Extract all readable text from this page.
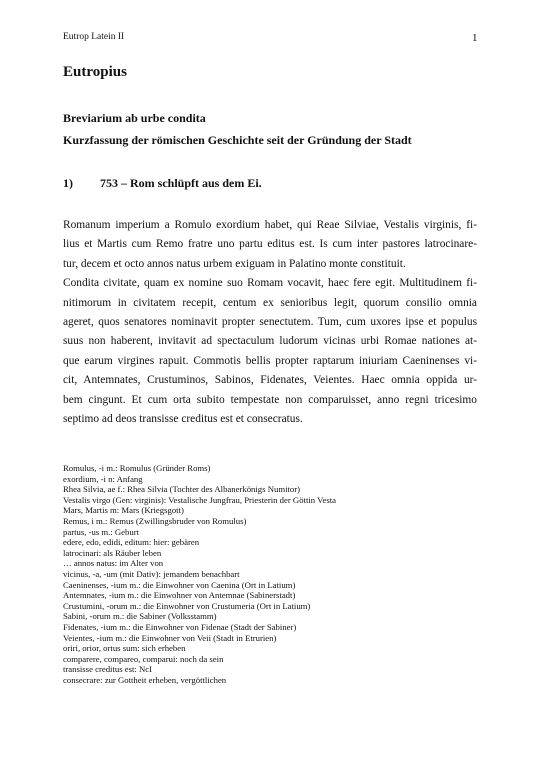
Eutrop Latein II	1
Eutropius
Breviarium ab urbe condita
Kurzfassung der römischen Geschichte seit der Gründung der Stadt
1) 753 – Rom schlüpft aus dem Ei.
Romanum imperium a Romulo exordium habet, qui Reae Silviae, Vestalis virginis, fi-
lius et Martis cum Remo fratre uno partu editus est. Is cum inter pastores latrocinare-
tur, decem et octo annos natus urbem exiguam in Palatino monte constituit.
Condita civitate, quam ex nomine suo Romam vocavit, haec fere egit. Multitudinem fi-
nitimorum in civitatem recepit, centum ex senioribus legit, quorum consilio omnia
ageret, quos senatores nominavit propter senectutem. Tum, cum uxores ipse et populus
suus non haberent, invitavit ad spectaculum ludorum vicinas urbi Romae nationes at-
que earum virgines rapuit. Commotis bellis propter raptarum iniuriam Caeninenses vi-
cit, Antemnates, Crustuminos, Sabinos, Fidenates, Veientes. Haec omnia oppida ur-
bem cingunt. Et cum orta subito tempestate non comparuisset, anno regni tricesimo
septimo ad deos transisse creditus est et consecratus.
Romulus, -i m.: Romulus (Gründer Roms)
exordium, -i n: Anfang
Rhea Silvia, ae f.: Rhea Silvia (Tochter des Albanerkönigs Numitor)
Vestalis virgo (Gen: virginis): Vestalische Jungfrau, Priesterin der Göttin Vesta
Mars, Martis m: Mars (Kriegsgott)
Remus, i m.: Remus (Zwillingsbruder von Romulus)
partus, -us m.: Geburt
edere, edo, edidi, editum: hier: gebären
latrocinari: als Räuber leben
… annos natus: im Alter von
vicinus, -a, -um (mit Dativ): jemandem benachbart
Caeninenses, -ium m.: die Einwohner von Caenina (Ort in Latium)
Antemnates, -ium m.: die Einwohner von Antemnae (Sabinerstadt)
Crustumini, -orum m.: die Einwohner von Crustumeria (Ort in Latium)
Sabini, -orum m.: die Sabiner (Volksstamm)
Fidenates, -ium m.: die Einwohner von Fidenae (Stadt der Sabiner)
Veientes, -ium m.: die Einwohner von Veii (Stadt in Etrurien)
oriri, orior, ortus sum: sich erheben
comparere, compareo, comparui: noch da sein
transisse creditus est: NcI
consecrare: zur Gottheit erheben, vergöttlichen
